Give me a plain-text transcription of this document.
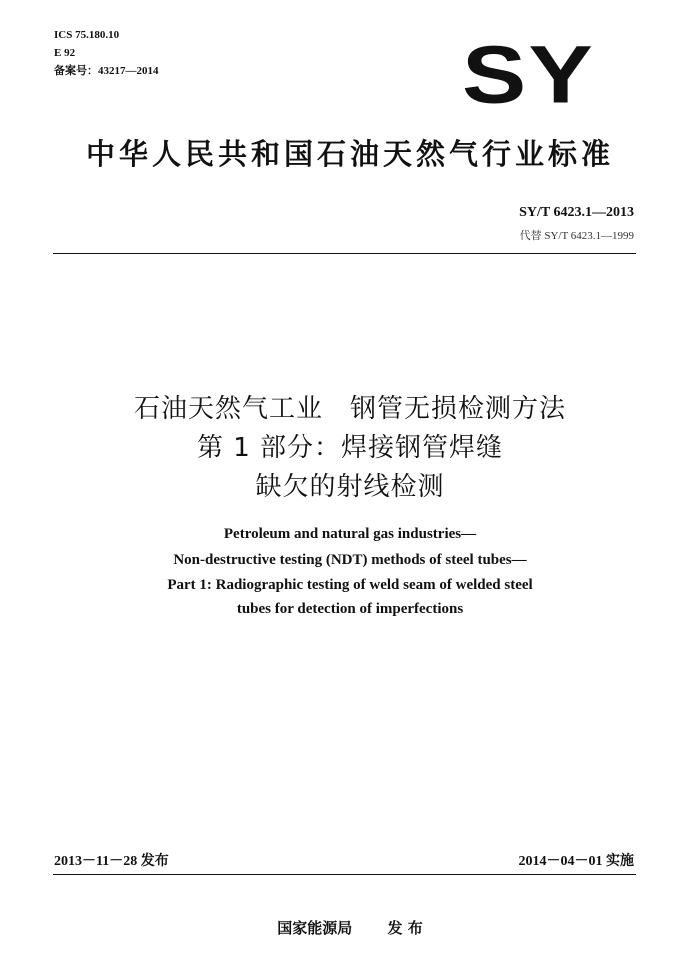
ICS 75.180.10
E 92
备案号：43217—2014	SY
中华人民共和国石油天然气行业标准
SY/T 6423.1—2013
代替 SY/T 6423.1—1999
石油天然气工业　钢管无损检测方法
第 1 部分：焊接钢管焊缝
缺欠的射线检测
Petroleum and natural gas industries—
Non-destructive testing (NDT) methods of steel tubes—
Part 1: Radiographic testing of weld seam of welded steel
tubes for detection of imperfections
2013－11－28 发布	2014－04－01 实施
国家能源局　　 发 布
